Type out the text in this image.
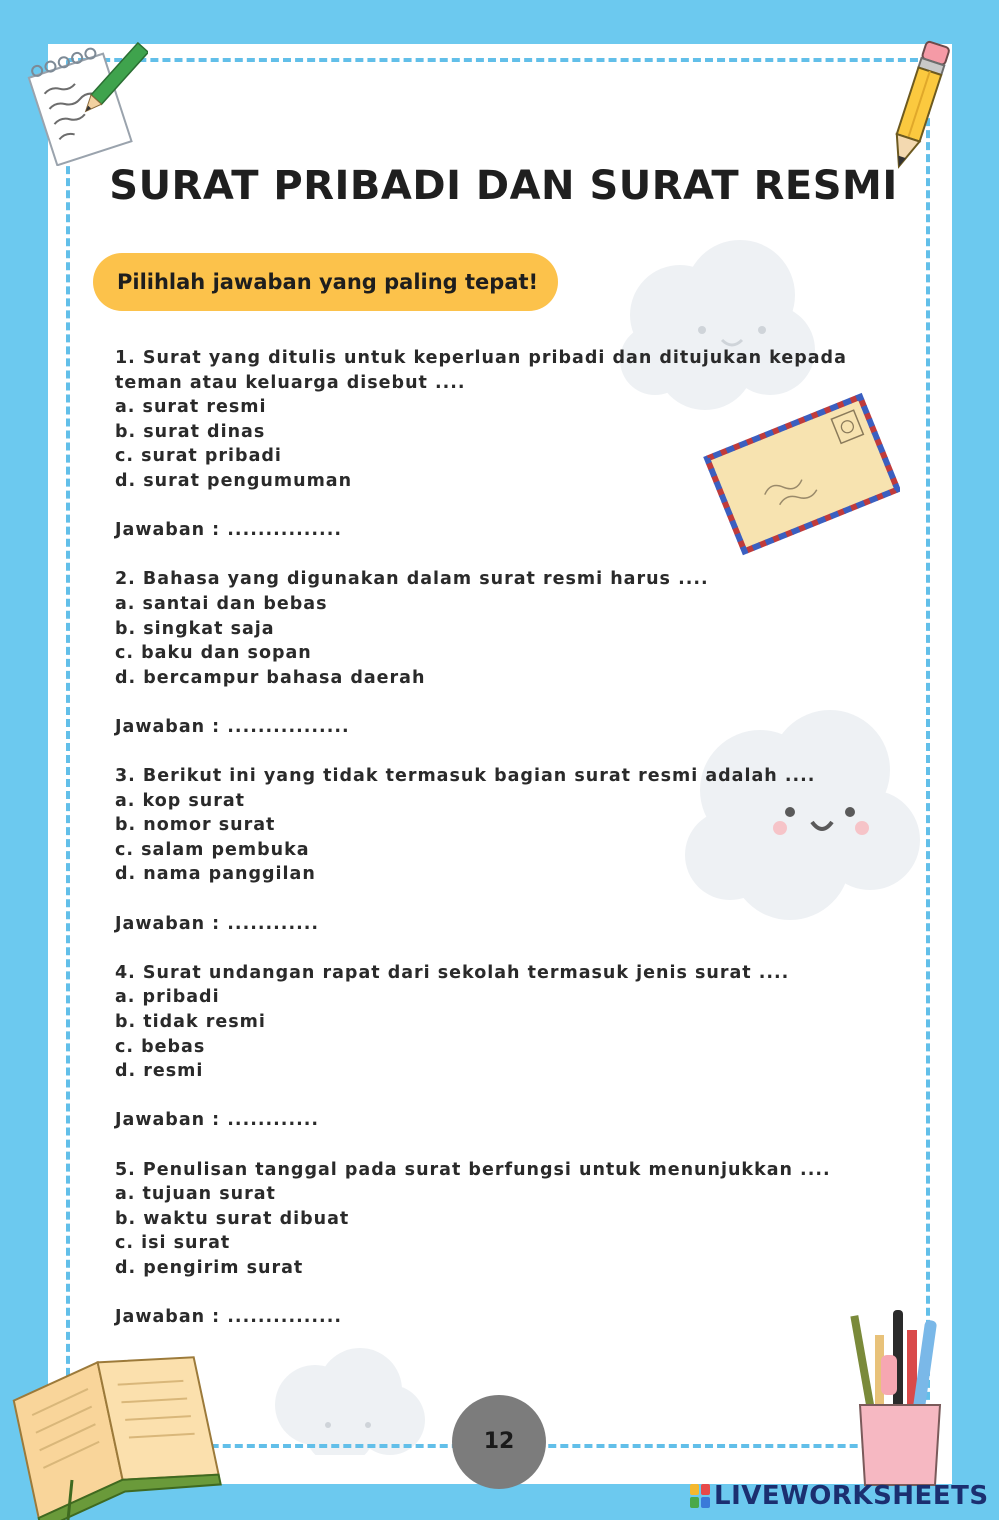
SURAT PRIBADI DAN SURAT RESMI
Pilihlah jawaban yang paling tepat!
1. Surat yang ditulis untuk keperluan pribadi dan ditujukan kepada
teman atau keluarga disebut ....
a. surat resmi
b. surat dinas
c. surat pribadi
d. surat pengumuman
Jawaban : ...............
2. Bahasa yang digunakan dalam surat resmi harus ....
a. santai dan bebas
b. singkat saja
c. baku dan sopan
d. bercampur bahasa daerah
Jawaban : ................
3. Berikut ini yang tidak termasuk bagian surat resmi adalah ....
a. kop surat
b. nomor surat
c. salam pembuka
d. nama panggilan
Jawaban : ............
4. Surat undangan rapat dari sekolah termasuk jenis surat ....
a. pribadi
b. tidak resmi
c. bebas
d. resmi
Jawaban : ............
5. Penulisan tanggal pada surat berfungsi untuk menunjukkan ....
a. tujuan surat
b. waktu surat dibuat
c. isi surat
d. pengirim surat
Jawaban : ...............
12
LIVEWORKSHEETS
